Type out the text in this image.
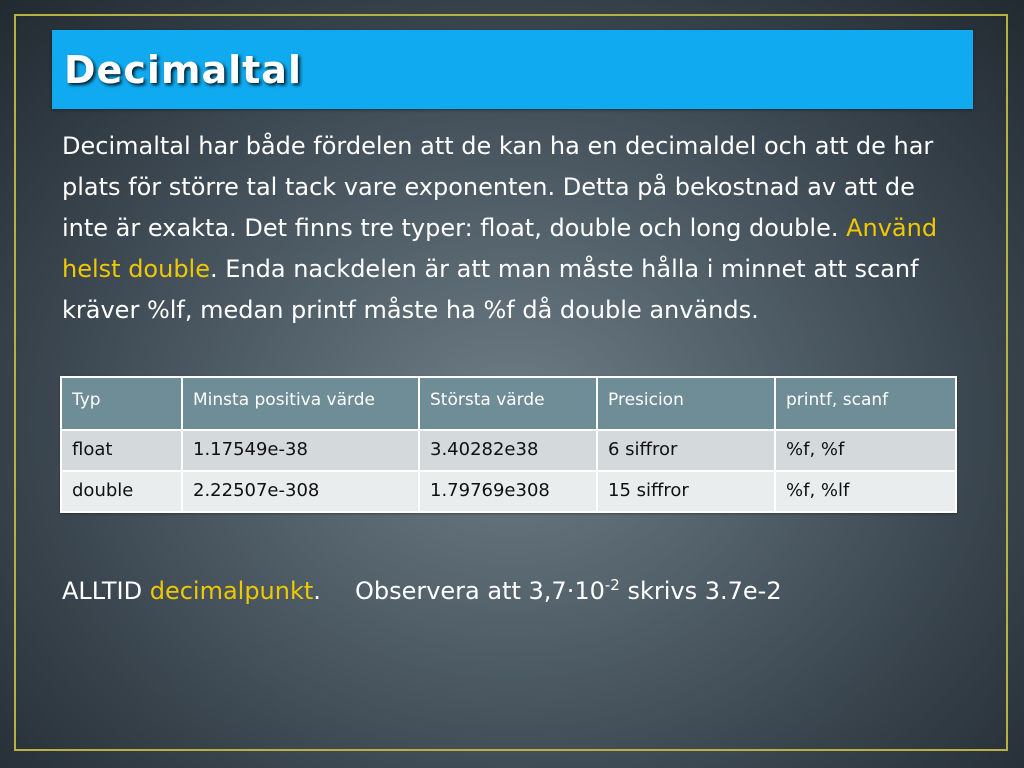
Decimaltal

Decimaltal har både fördelen att de kan ha en decimaldel och att de har plats för större tal tack vare exponenten. Detta på bekostnad av att de inte är exakta. Det finns tre typer: float, double och long double. Använd helst double. Enda nackdelen är att man måste hålla i minnet att scanf kräver %lf, medan printf måste ha %f då double används.

Typ	Minsta positiva värde	Största värde	Presicion	printf, scanf
float	1.17549e-38	3.40282e38	6 siffror	%f, %f
double	2.22507e-308	1.79769e308	15 siffror	%f, %lf

ALLTID decimalpunkt. Observera att $3,7\cdot 10^{-2}$ skrivs 3.7e-2
